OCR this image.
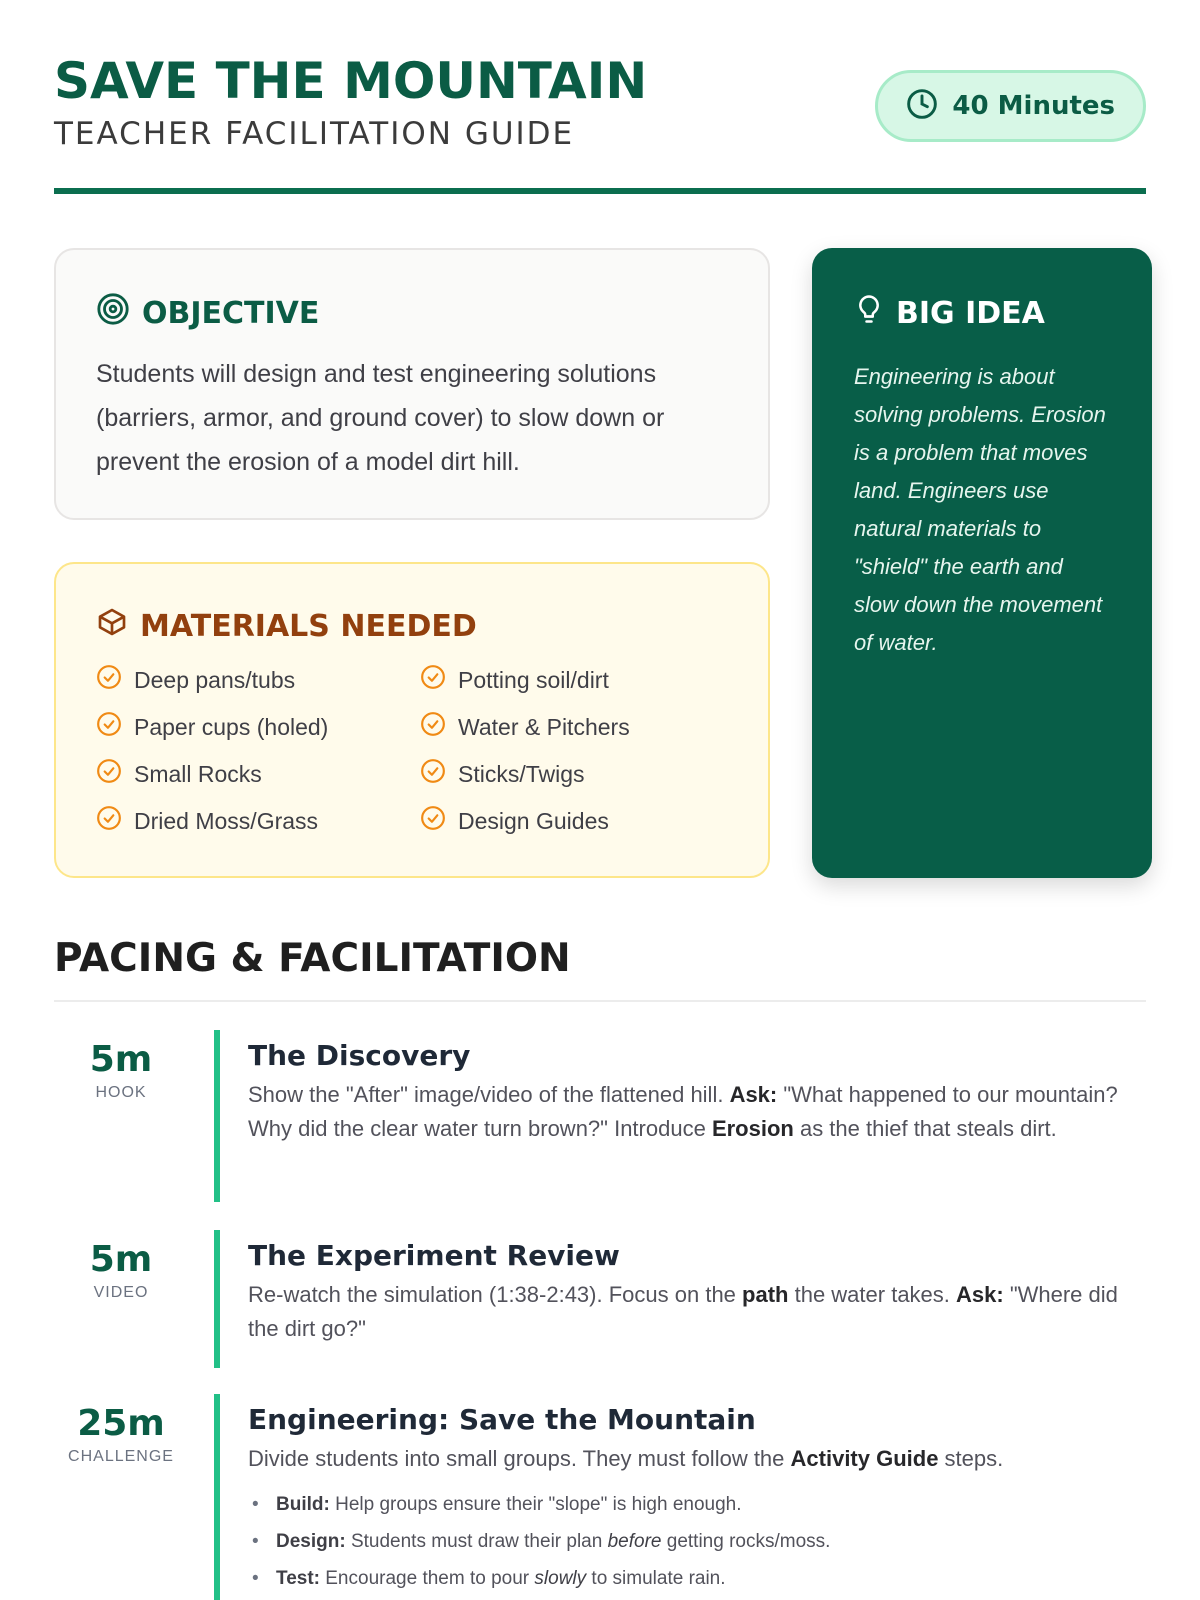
SAVE THE MOUNTAIN
TEACHER FACILITATION GUIDE
40 Minutes
OBJECTIVE
Students will design and test engineering solutions (barriers, armor, and ground cover) to slow down or prevent the erosion of a model dirt hill.
MATERIALS NEEDED
Deep pans/tubs	Potting soil/dirt
Paper cups (holed)	Water & Pitchers
Small Rocks	Sticks/Twigs
Dried Moss/Grass	Design Guides
BIG IDEA
Engineering is about solving problems. Erosion is a problem that moves land. Engineers use natural materials to "shield" the earth and slow down the movement of water.
PACING & FACILITATION
5m
HOOK
The Discovery
Show the "After" image/video of the flattened hill. Ask: "What happened to our mountain? Why did the clear water turn brown?" Introduce Erosion as the thief that steals dirt.
5m
VIDEO
The Experiment Review
Re-watch the simulation (1:38-2:43). Focus on the path the water takes. Ask: "Where did the dirt go?"
25m
CHALLENGE
Engineering: Save the Mountain
Divide students into small groups. They must follow the Activity Guide steps.
• Build: Help groups ensure their "slope" is high enough.
• Design: Students must draw their plan before getting rocks/moss.
• Test: Encourage them to pour slowly to simulate rain.
